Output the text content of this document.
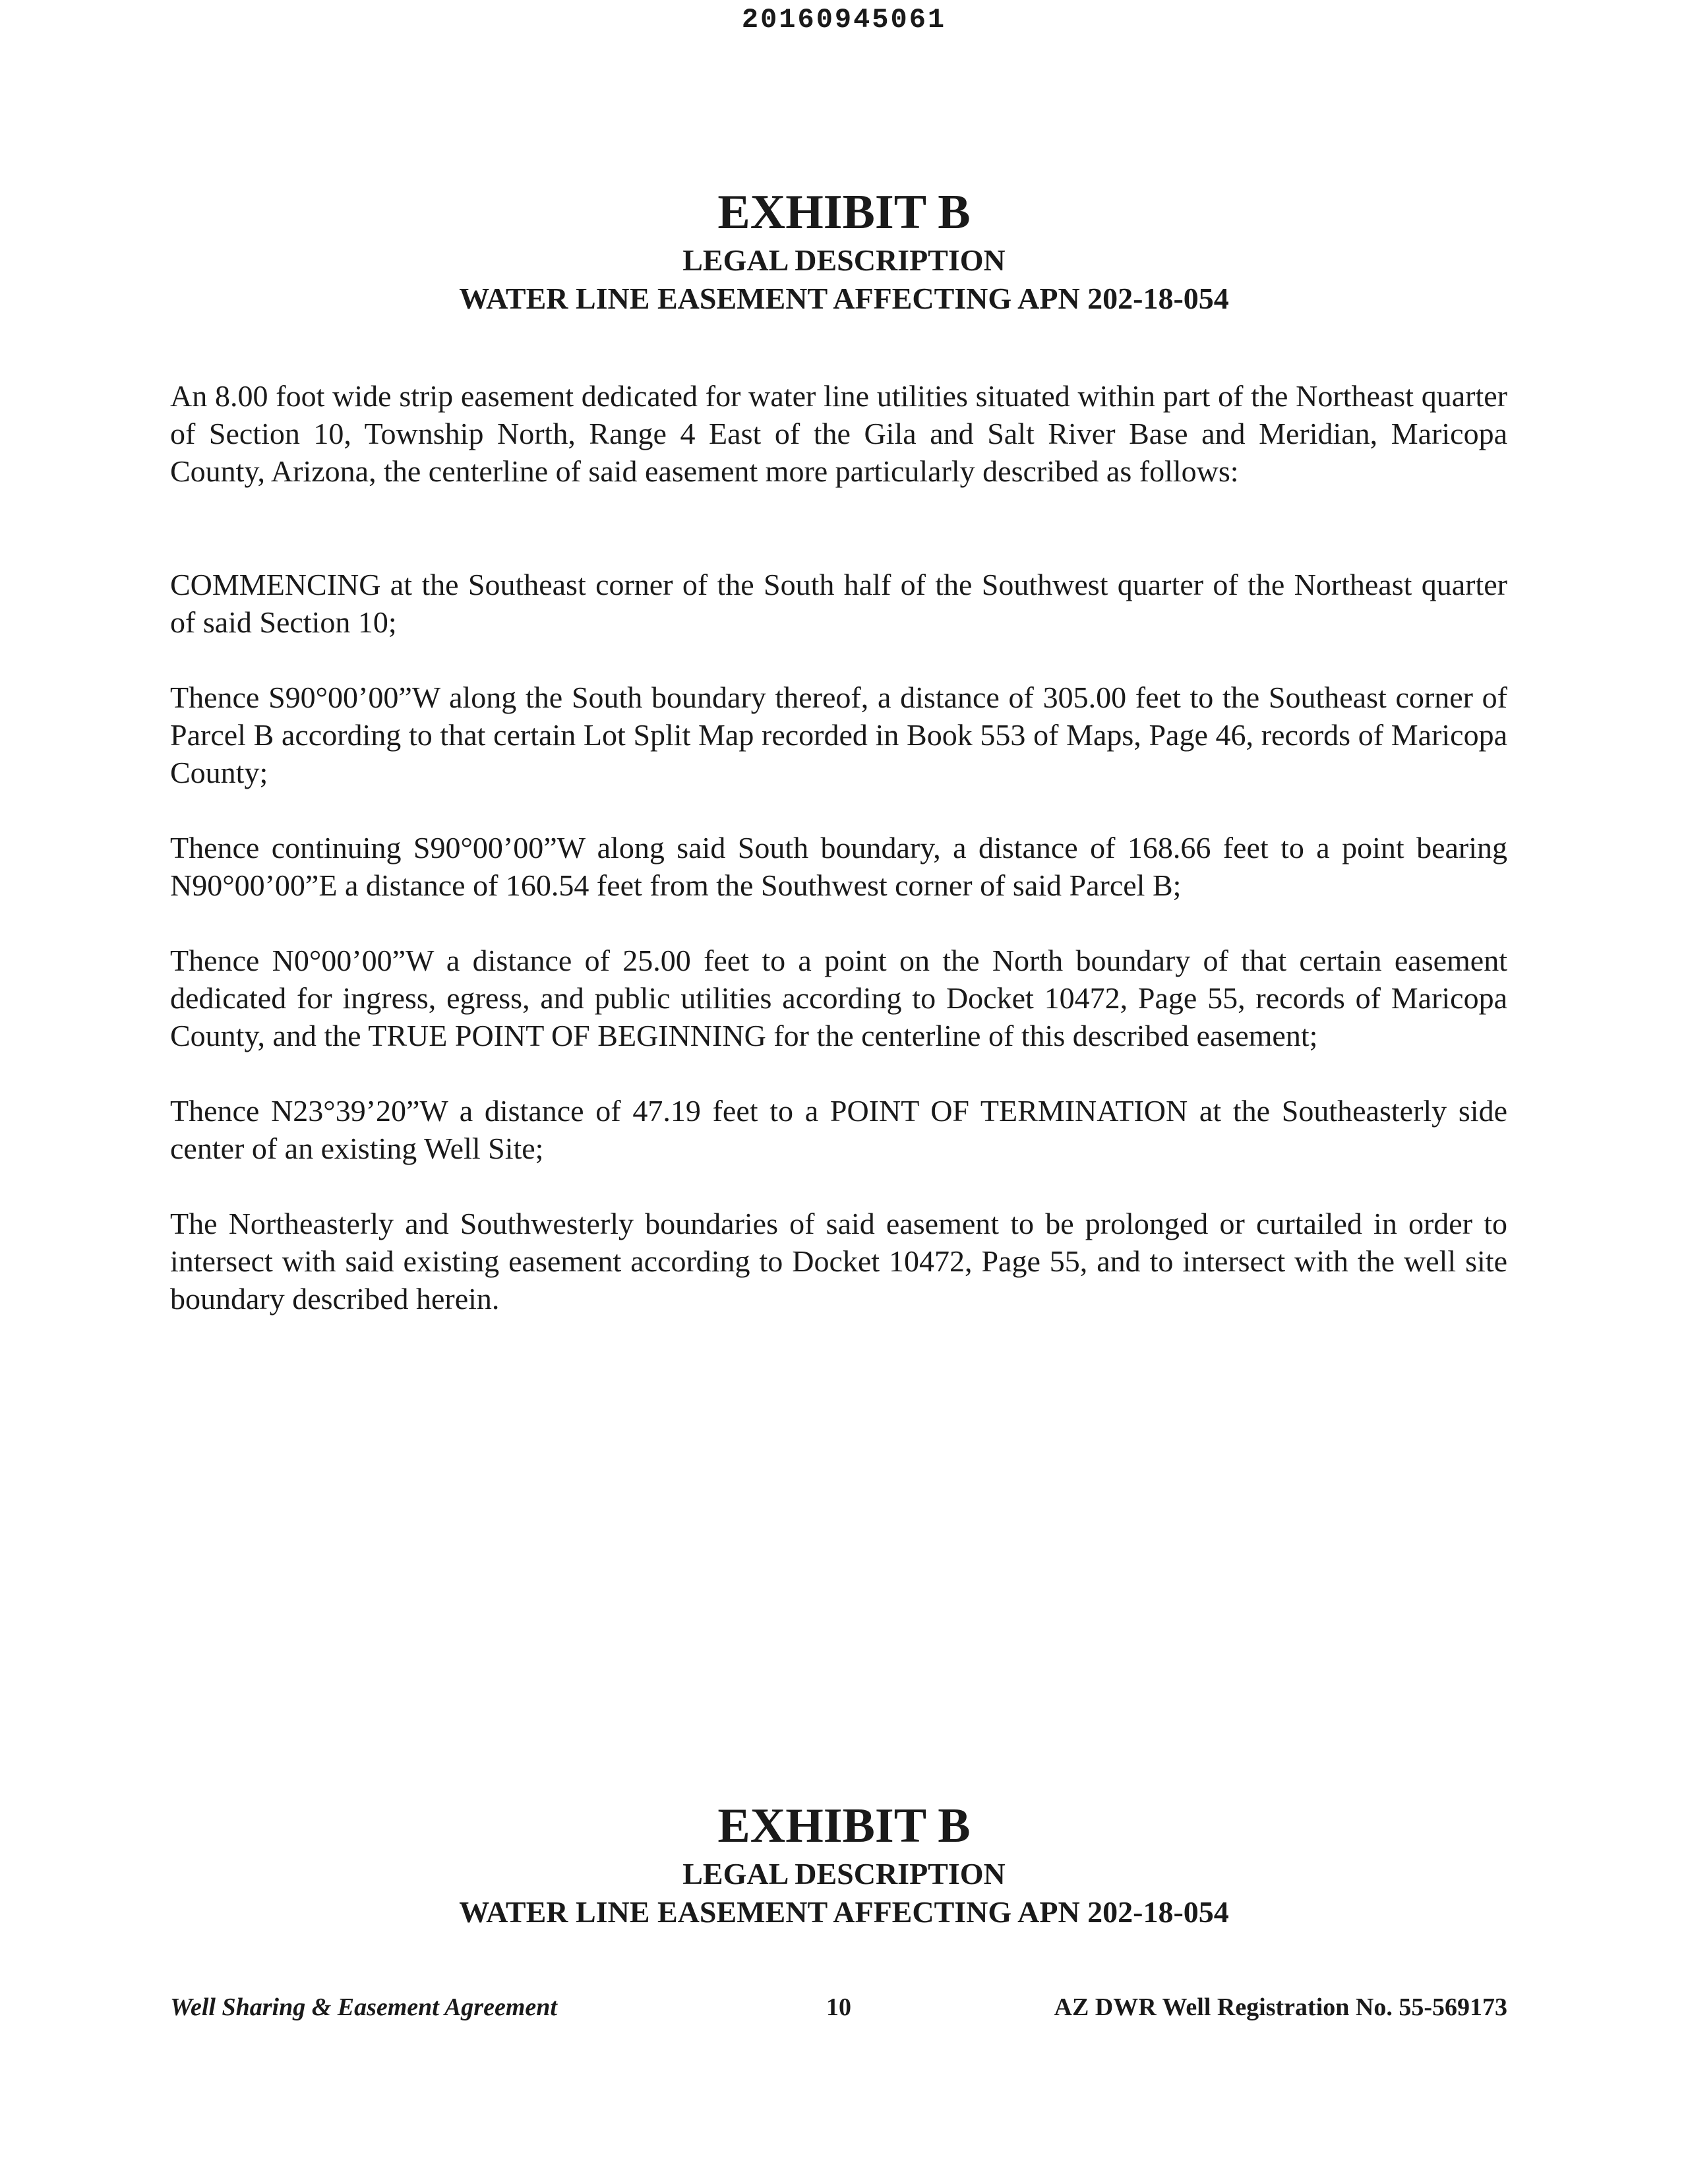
20160945061
EXHIBIT B
LEGAL DESCRIPTION
WATER LINE EASEMENT AFFECTING APN 202-18-054

An 8.00 foot wide strip easement dedicated for water line utilities situated within part of the Northeast quarter of Section 10, Township North, Range 4 East of the Gila and Salt River Base and Meridian, Maricopa County, Arizona, the centerline of said easement more particularly described as follows:

COMMENCING at the Southeast corner of the South half of the Southwest quarter of the Northeast quarter of said Section 10;

Thence S90°00’00”W along the South boundary thereof, a distance of 305.00 feet to the Southeast corner of Parcel B according to that certain Lot Split Map recorded in Book 553 of Maps, Page 46, records of Maricopa County;

Thence continuing S90°00’00”W along said South boundary, a distance of 168.66 feet to a point bearing N90°00’00”E a distance of 160.54 feet from the Southwest corner of said Parcel B;

Thence N0°00’00”W a distance of 25.00 feet to a point on the North boundary of that certain easement dedicated for ingress, egress, and public utilities according to Docket 10472, Page 55, records of Maricopa County, and the TRUE POINT OF BEGINNING for the centerline of this described easement;

Thence N23°39’20”W a distance of 47.19 feet to a POINT OF TERMINATION at the Southeasterly side center of an existing Well Site;

The Northeasterly and Southwesterly boundaries of said easement to be prolonged or curtailed in order to intersect with said existing easement according to Docket 10472, Page 55, and to intersect with the well site boundary described herein.

EXHIBIT B
LEGAL DESCRIPTION
WATER LINE EASEMENT AFFECTING APN 202-18-054
Well Sharing & Easement Agreement	10	AZ DWR Well Registration No. 55-569173
